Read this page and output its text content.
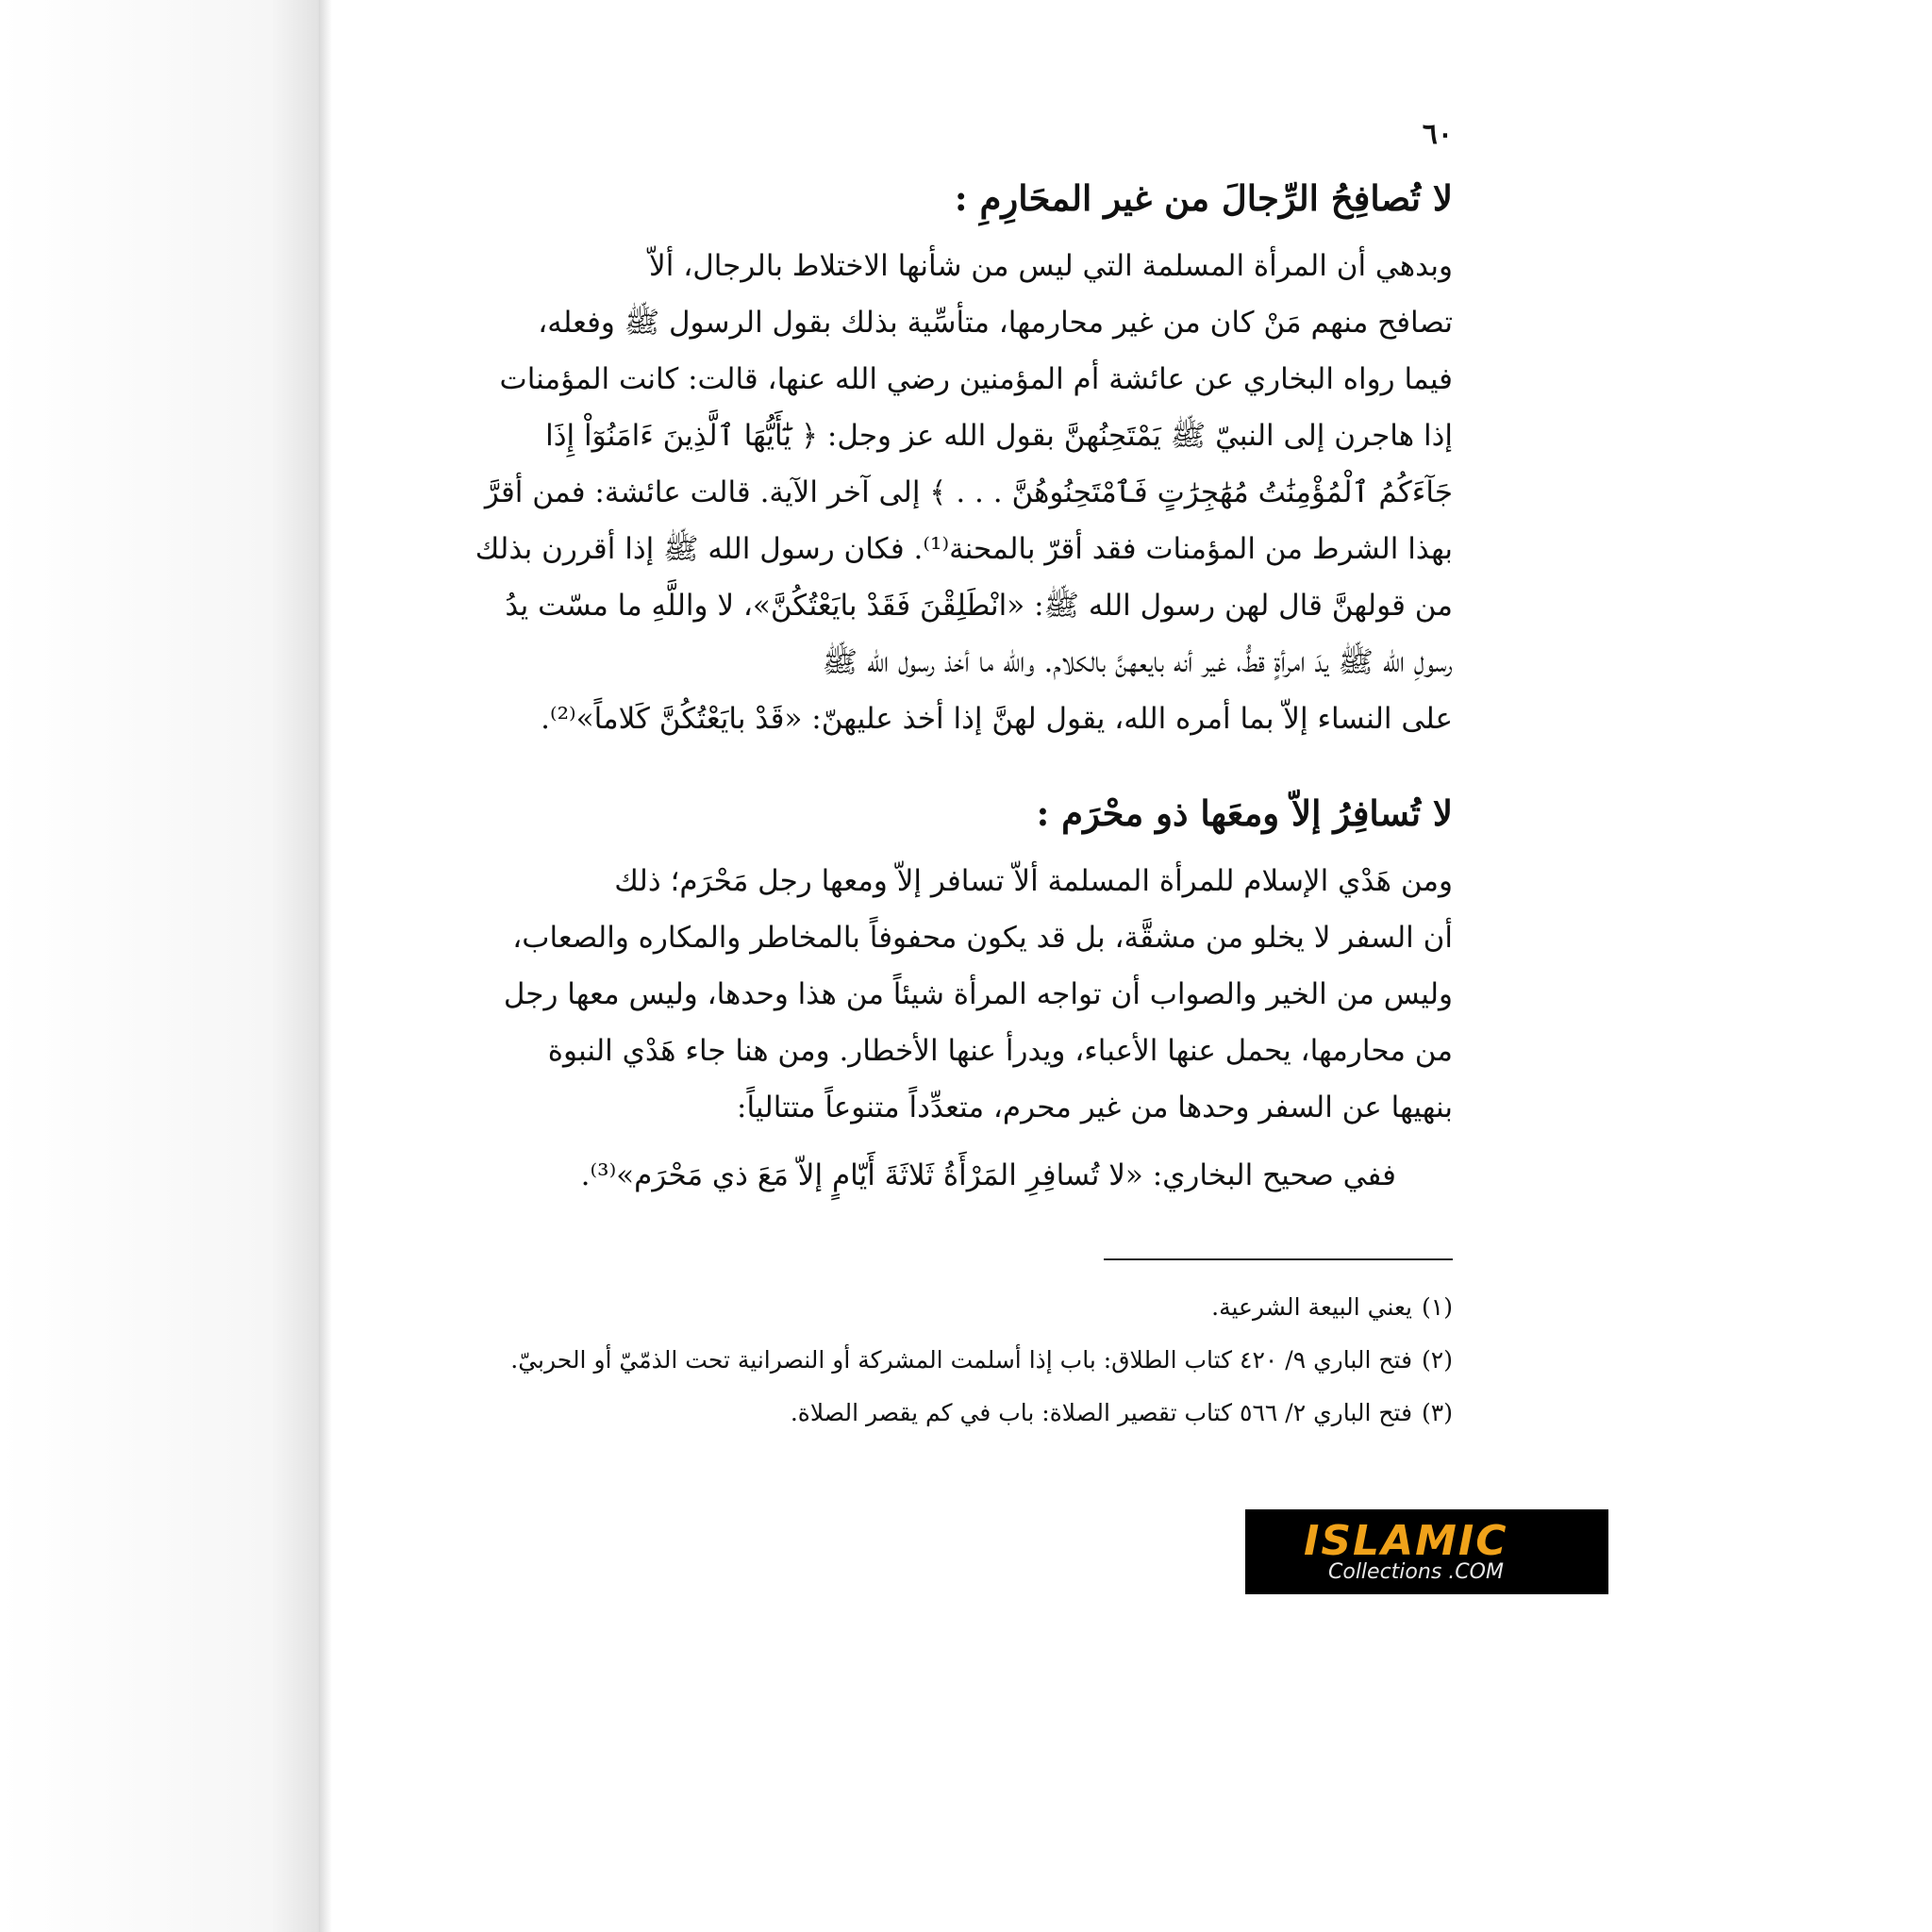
٦٠
لا تُصافِحُ الرِّجالَ من غير المحَارِمِ :

وبدهي أن المرأة المسلمة التي ليس من شأنها الاختلاط بالرجال، ألاّ

تصافح منهم مَنْ كان من غير محارمها، متأسِّية بذلك بقول الرسول ﷺ وفعله،

فيما رواه البخاري عن عائشة أم المؤمنين رضي الله عنها، قالت: كانت المؤمنات

إذا هاجرن إلى النبيّ ﷺ يَمْتَحِنُهنَّ بقول الله عز وجل: ﴿ يَٰٓأَيُّهَا ٱلَّذِينَ ءَامَنُوٓاْ إِذَا

جَآءَكُمُ ٱلْمُؤْمِنَٰتُ مُهَٰجِرَٰتٍ فَٱمْتَحِنُوهُنَّ . . . ﴾ إلى آخر الآية. قالت عائشة: فمن أقرَّ

بهذا الشرط من المؤمنات فقد أقرّ بالمحنة⁽¹⁾. فكان رسول الله ﷺ إذا أقررن بذلك

من قولهنَّ قال لهن رسول الله ﷺ: «انْطَلِقْنَ فَقَدْ بايَعْتُكُنَّ»، لا واللَّهِ ما مسّت يدُ

رسولِ الله ﷺ يدَ امرأةٍ قطُّ، غير أنه بايعهنَّ بالكلام. والله ما أخذ رسول الله ﷺ

على النساء إلاّ بما أمره الله، يقول لهنَّ إذا أخذ عليهنّ: «قَدْ بايَعْتُكُنَّ كَلاماً»⁽²⁾.

لا تُسافِرُ إلاّ ومعَها ذو محْرَم :

ومن هَدْي الإسلام للمرأة المسلمة ألاّ تسافر إلاّ ومعها رجل مَحْرَم؛ ذلك

أن السفر لا يخلو من مشقَّة، بل قد يكون محفوفاً بالمخاطر والمكاره والصعاب،

وليس من الخير والصواب أن تواجه المرأة شيئاً من هذا وحدها، وليس معها رجل

من محارمها، يحمل عنها الأعباء، ويدرأ عنها الأخطار. ومن هنا جاء هَدْي النبوة

بنهيها عن السفر وحدها من غير محرم، متعدِّداً متنوعاً متتالياً:

ففي صحيح البخاري: «لا تُسافِرِ المَرْأَةُ ثَلاثَةَ أَيّامٍ إلاّ مَعَ ذي مَحْرَم»⁽³⁾.

(١)يعني البيعة الشرعية.

(٢)فتح الباري ٩/ ٤٢٠ كتاب الطلاق: باب إذا أسلمت المشركة أو النصرانية تحت الذمّيّ أو الحربيّ.

(٣)فتح الباري ٢/ ٥٦٦ كتاب تقصير الصلاة: باب في كم يقصر الصلاة.

ISLAMIC
Collections .COM
